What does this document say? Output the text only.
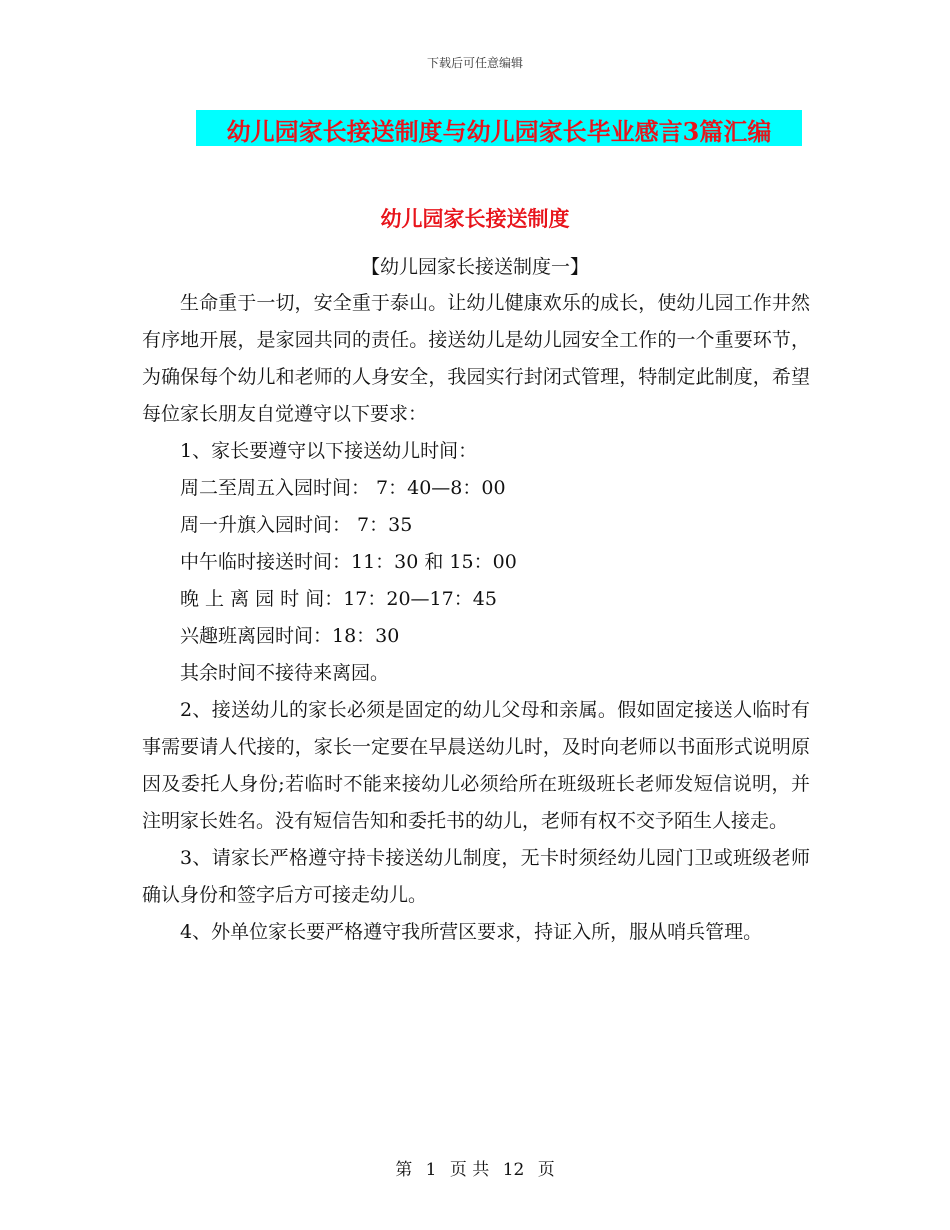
下载后可任意编辑
幼儿园家长接送制度与幼儿园家长毕业感言3篇汇编
幼儿园家长接送制度
【幼儿园家长接送制度一】

生命重于一切，安全重于泰山。让幼儿健康欢乐的成长，使幼儿园工作井然有序地开展，是家园共同的责任。接送幼儿是幼儿园安全工作的一个重要环节，为确保每个幼儿和老师的人身安全，我园实行封闭式管理，特制定此制度，希望每位家长朋友自觉遵守以下要求：

1、家长要遵守以下接送幼儿时间：

周二至周五入园时间： 7：40—8：00

周一升旗入园时间： 7：35

中午临时接送时间：11：30 和 15：00

晚 上 离 园 时 间：17：20—17：45

兴趣班离园时间：18：30

其余时间不接待来离园。

2、接送幼儿的家长必须是固定的幼儿父母和亲属。假如固定接送人临时有事需要请人代接的，家长一定要在早晨送幼儿时，及时向老师以书面形式说明原因及委托人身份;若临时不能来接幼儿必须给所在班级班长老师发短信说明，并注明家长姓名。没有短信告知和委托书的幼儿，老师有权不交予陌生人接走。

3、请家长严格遵守持卡接送幼儿制度，无卡时须经幼儿园门卫或班级老师确认身份和签字后方可接走幼儿。

4、外单位家长要严格遵守我所营区要求，持证入所，服从哨兵管理。

第 1 页 共 12 页
